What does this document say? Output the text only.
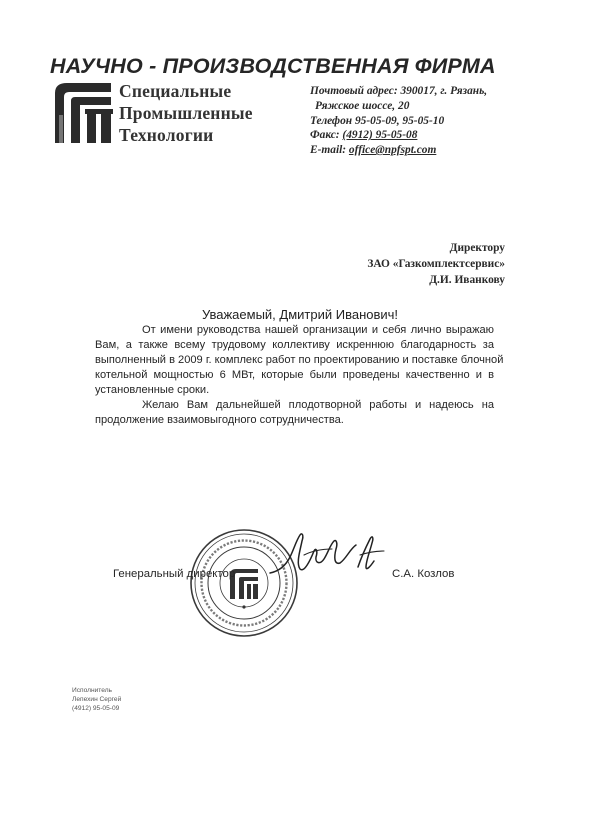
НАУЧНО - ПРОИЗВОДСТВЕННАЯ ФИРМА
Специальные
Промышленные
Технологии
Почтовый адрес: 390017, г. Рязань,
Ряжское шоссе, 20
Телефон 95-05-09, 95-05-10
Факс: (4912) 95-05-08
E-mail: office@npfspt.com
Директору
ЗАО «Газкомплектсервис»
Д.И. Иванкову
Уважаемый, Дмитрий Иванович!

От имени руководства нашей организации и себя лично выражаю
Вам, а также всему трудовому коллективу искреннюю благодарность за
выполненный в 2009 г. комплекс работ по проектированию и поставке блочной
котельной мощностью 6 МВт, которые были проведены качественно и в
установленные сроки.

Желаю Вам дальнейшей плодотворной работы и надеюсь на
продолжение взаимовыгодного сотрудничества.

Генеральный директор	С.А. Козлов
Исполнитель
Лепехин Сергей
(4912) 95-05-09
